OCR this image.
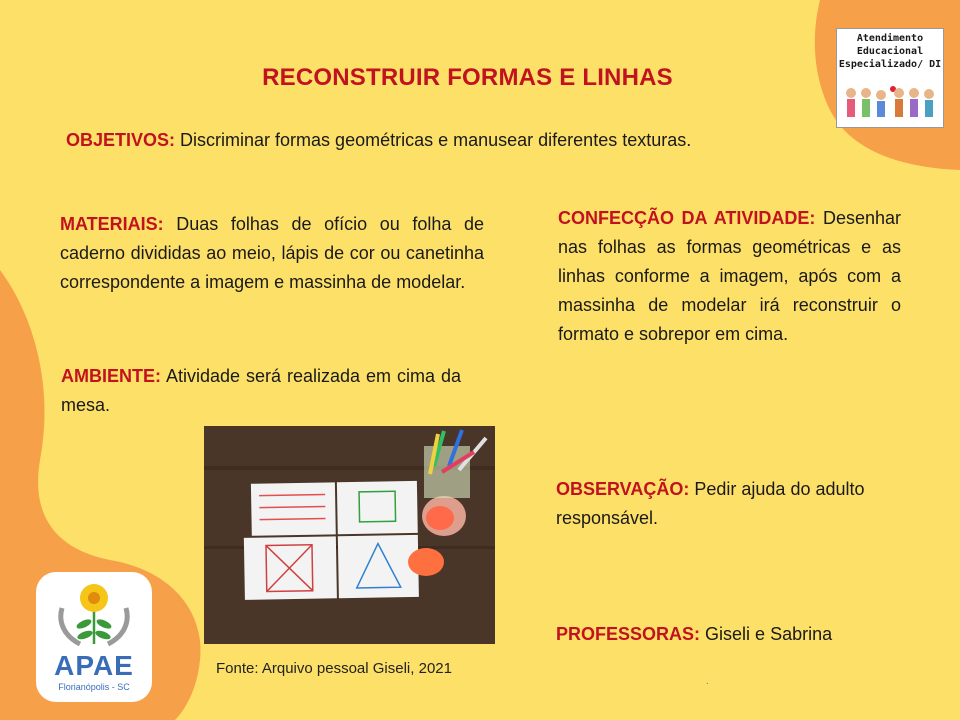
RECONSTRUIR FORMAS E LINHAS
OBJETIVOS: Discriminar formas geométricas e manusear diferentes texturas.
MATERIAIS: Duas folhas de ofício ou folha de caderno divididas ao meio, lápis de cor ou canetinha correspondente a imagem e massinha de modelar.
AMBIENTE: Atividade será realizada em cima da mesa.
CONFECÇÃO DA ATIVIDADE: Desenhar nas folhas as formas geométricas e as linhas conforme a imagem, após com a massinha de modelar irá reconstruir o formato e sobrepor em cima.
OBSERVAÇÃO: Pedir ajuda do adulto responsável.
PROFESSORAS: Giseli e Sabrina
Atendimento
Educacional
Especializado/ DI
Fonte: Arquivo pessoal Giseli, 2021
APAE
Florianópolis - SC	.
